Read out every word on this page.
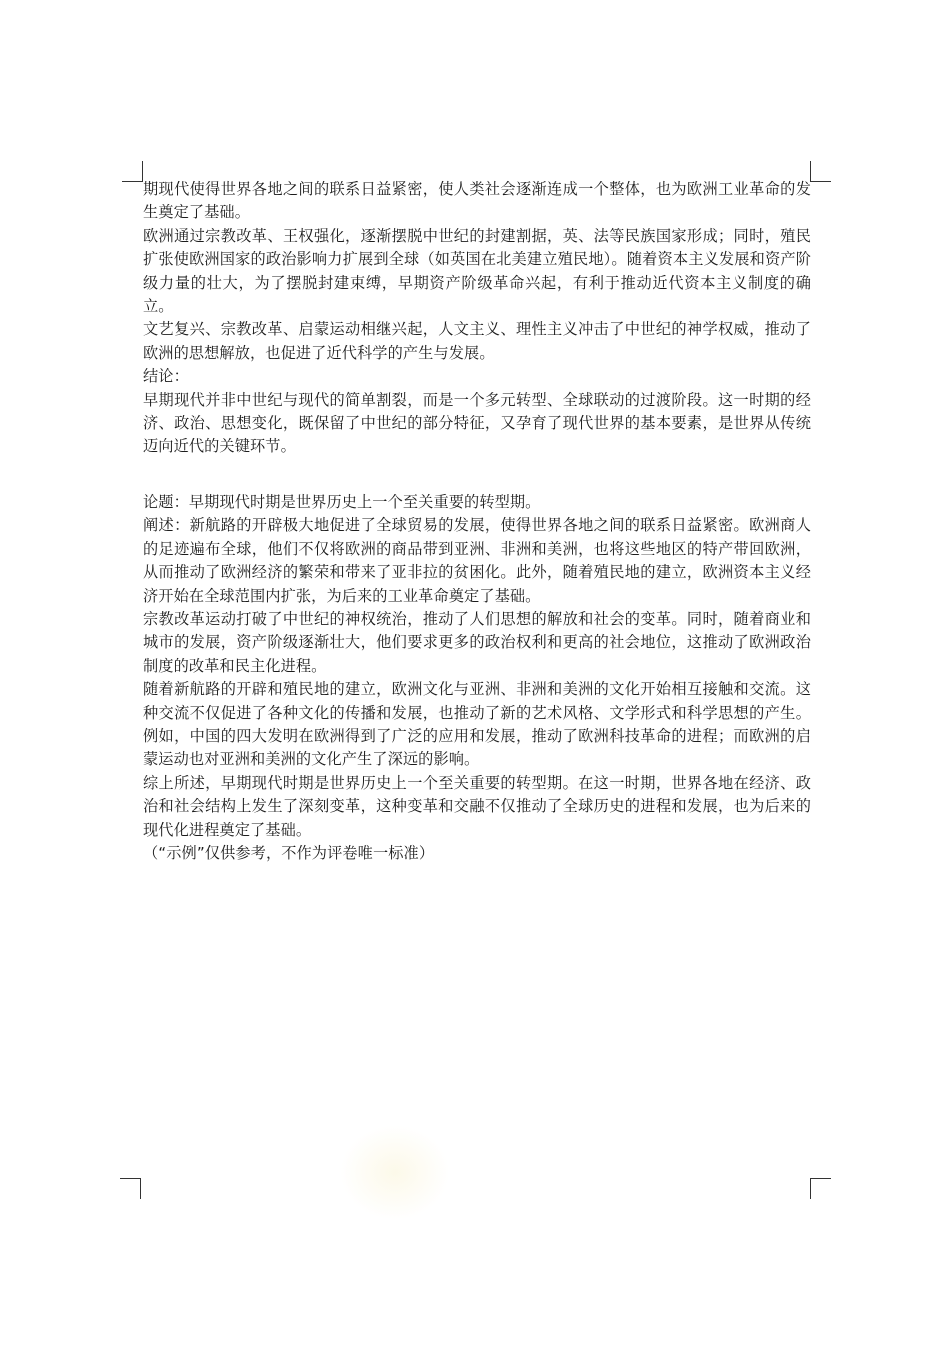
期现代使得世界各地之间的联系日益紧密，使人类社会逐渐连成一个整体，也为欧洲工业革命的发生奠定了基础。

欧洲通过宗教改革、王权强化，逐渐摆脱中世纪的封建割据，英、法等民族国家形成；同时，殖民扩张使欧洲国家的政治影响力扩展到全球（如英国在北美建立殖民地）。随着资本主义发展和资产阶级力量的壮大，为了摆脱封建束缚，早期资产阶级革命兴起，有利于推动近代资本主义制度的确立。

文艺复兴、宗教改革、启蒙运动相继兴起，人文主义、理性主义冲击了中世纪的神学权威，推动了欧洲的思想解放，也促进了近代科学的产生与发展。

结论：

早期现代并非中世纪与现代的简单割裂，而是一个多元转型、全球联动的过渡阶段。这一时期的经济、政治、思想变化，既保留了中世纪的部分特征，又孕育了现代世界的基本要素，是世界从传统迈向近代的关键环节。

论题：早期现代时期是世界历史上一个至关重要的转型期。

阐述：新航路的开辟极大地促进了全球贸易的发展，使得世界各地之间的联系日益紧密。欧洲商人的足迹遍布全球，他们不仅将欧洲的商品带到亚洲、非洲和美洲，也将这些地区的特产带回欧洲，从而推动了欧洲经济的繁荣和带来了亚非拉的贫困化。此外，随着殖民地的建立，欧洲资本主义经济开始在全球范围内扩张，为后来的工业革命奠定了基础。

宗教改革运动打破了中世纪的神权统治，推动了人们思想的解放和社会的变革。同时，随着商业和城市的发展，资产阶级逐渐壮大，他们要求更多的政治权利和更高的社会地位，这推动了欧洲政治制度的改革和民主化进程。

随着新航路的开辟和殖民地的建立，欧洲文化与亚洲、非洲和美洲的文化开始相互接触和交流。这种交流不仅促进了各种文化的传播和发展，也推动了新的艺术风格、文学形式和科学思想的产生。例如，中国的四大发明在欧洲得到了广泛的应用和发展，推动了欧洲科技革命的进程；而欧洲的启蒙运动也对亚洲和美洲的文化产生了深远的影响。

综上所述，早期现代时期是世界历史上一个至关重要的转型期。在这一时期，世界各地在经济、政治和社会结构上发生了深刻变革，这种变革和交融不仅推动了全球历史的进程和发展，也为后来的现代化进程奠定了基础。

（“示例”仅供参考，不作为评卷唯一标准）
